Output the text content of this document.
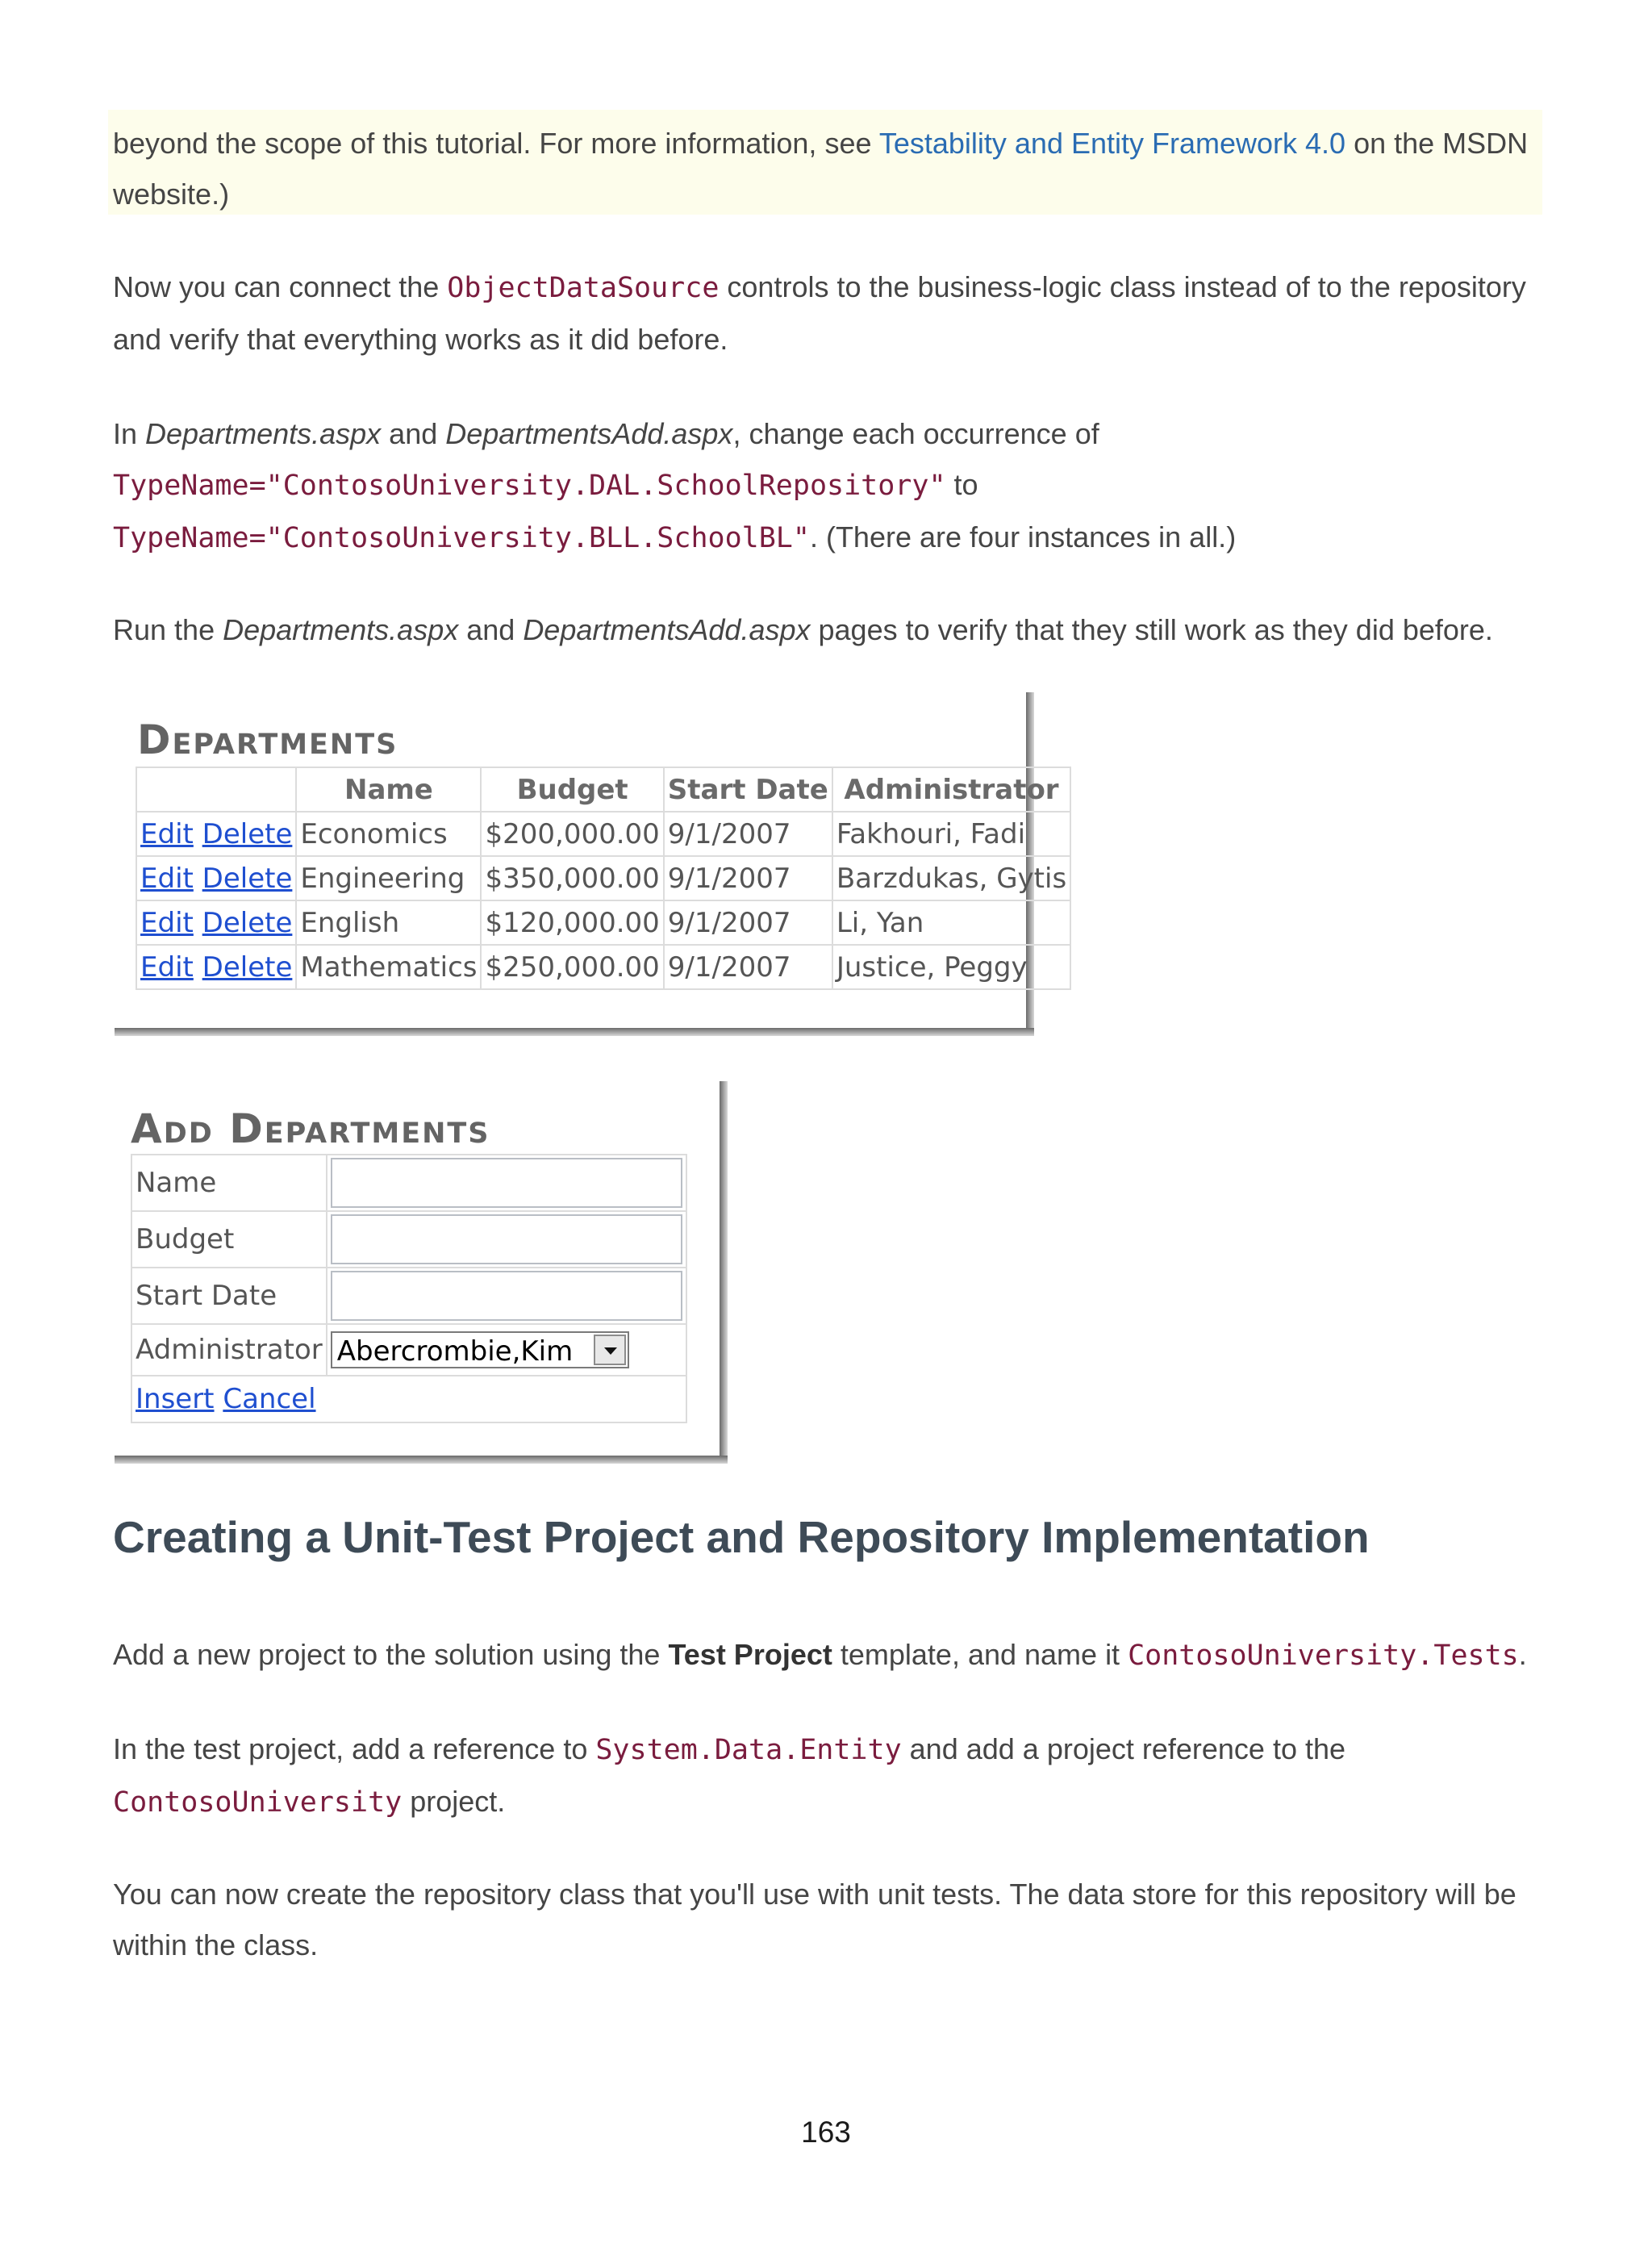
beyond the scope of this tutorial. For more information, see Testability and Entity Framework 4.0 on the MSDN website.)

Now you can connect the ObjectDataSource controls to the business-logic class instead of to the repository and verify that everything works as it did before.

In Departments.aspx and DepartmentsAdd.aspx, change each occurrence of
TypeName="ContosoUniversity.DAL.SchoolRepository" to
TypeName="ContosoUniversity.BLL.SchoolBL". (There are four instances in all.)

Run the Departments.aspx and DepartmentsAdd.aspx pages to verify that they still work as they did before.

Departments
	Name	Budget	Start Date	Administrator
Edit Delete	Economics	$200,000.00	9/1/2007	Fakhouri, Fadi
Edit Delete	Engineering	$350,000.00	9/1/2007	Barzdukas, Gytis
Edit Delete	English	$120,000.00	9/1/2007	Li, Yan
Edit Delete	Mathematics	$250,000.00	9/1/2007	Justice, Peggy
Add Departments
Name	
Budget	
Start Date	
Administrator	Abercrombie,Kim

Insert Cancel	
Creating a Unit-Test Project and Repository Implementation

Add a new project to the solution using the Test Project template, and name it ContosoUniversity.Tests.

In the test project, add a reference to System.Data.Entity and add a project reference to the
ContosoUniversity project.

You can now create the repository class that you'll use with unit tests. The data store for this repository will be within the class.

163
